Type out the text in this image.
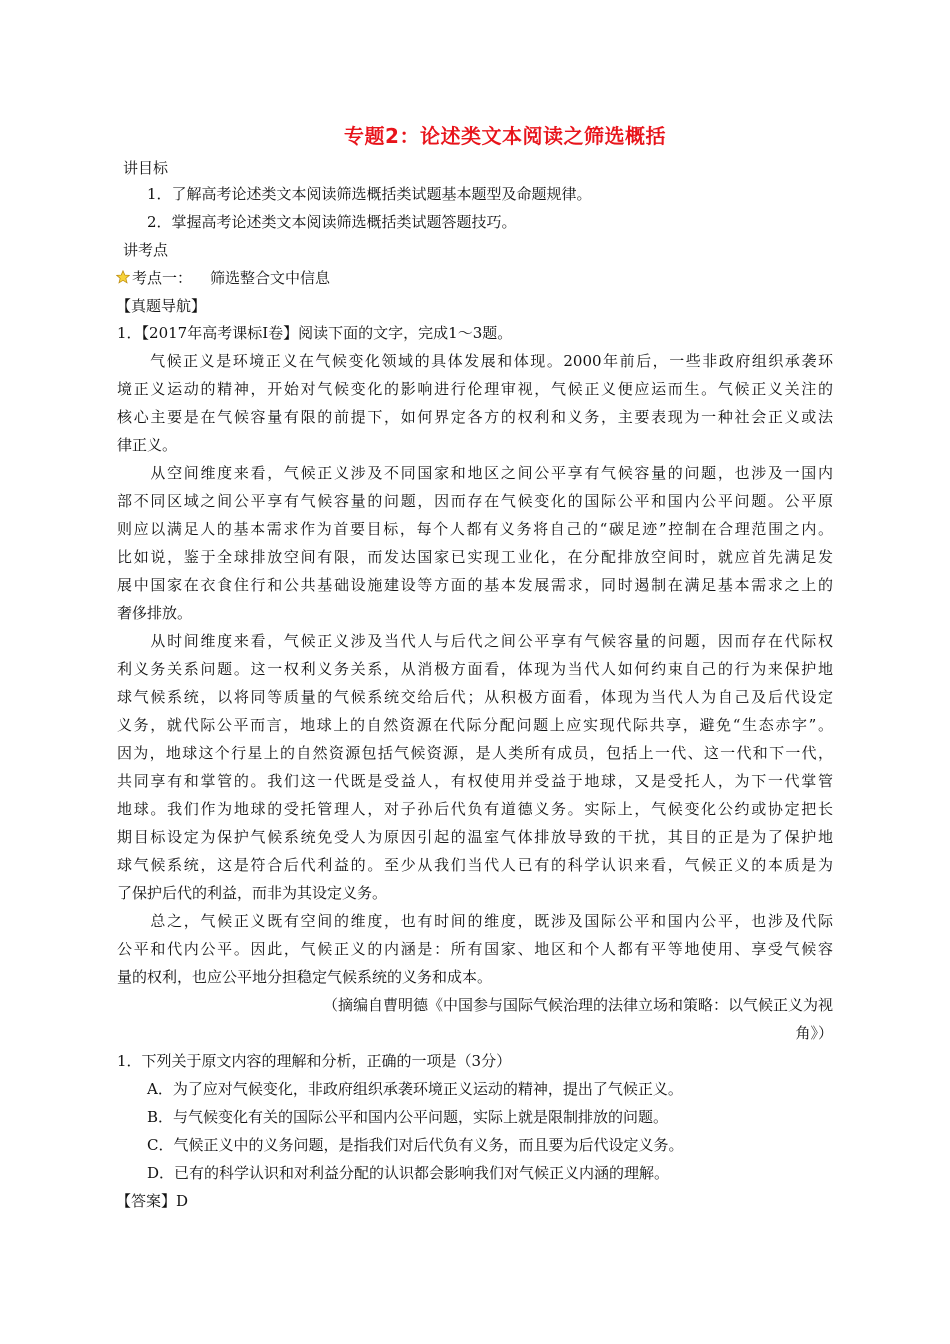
专题2：论述类文本阅读之筛选概括
讲目标
1．了解高考论述类文本阅读筛选概括类试题基本题型及命题规律。
2．掌握高考论述类文本阅读筛选概括类试题答题技巧。
讲考点
考点一： 筛选整合文中信息
【真题导航】
1．【2017年高考课标Ⅰ卷】阅读下面的文字，完成1～3题。
　　气候正义是环境正义在气候变化领域的具体发展和体现。2000年前后，一些非政府组织承袭环
境正义运动的精神，开始对气候变化的影响进行伦理审视，气候正义便应运而生。气候正义关注的
核心主要是在气候容量有限的前提下，如何界定各方的权利和义务，主要表现为一种社会正义或法
律正义。
　　从空间维度来看，气候正义涉及不同国家和地区之间公平享有气候容量的问题，也涉及一国内
部不同区域之间公平享有气候容量的问题，因而存在气候变化的国际公平和国内公平问题。公平原
则应以满足人的基本需求作为首要目标，每个人都有义务将自己的“碳足迹”控制在合理范围之内。
比如说，鉴于全球排放空间有限，而发达国家已实现工业化，在分配排放空间时，就应首先满足发
展中国家在衣食住行和公共基础设施建设等方面的基本发展需求，同时遏制在满足基本需求之上的
奢侈排放。
　　从时间维度来看，气候正义涉及当代人与后代之间公平享有气候容量的问题，因而存在代际权
利义务关系问题。这一权利义务关系，从消极方面看，体现为当代人如何约束自己的行为来保护地
球气候系统，以将同等质量的气候系统交给后代；从积极方面看，体现为当代人为自己及后代设定
义务，就代际公平而言，地球上的自然资源在代际分配问题上应实现代际共享，避免“生态赤字”。
因为，地球这个行星上的自然资源包括气候资源，是人类所有成员，包括上一代、这一代和下一代，
共同享有和掌管的。我们这一代既是受益人，有权使用并受益于地球，又是受托人，为下一代掌管
地球。我们作为地球的受托管理人，对子孙后代负有道德义务。实际上，气候变化公约或协定把长
期目标设定为保护气候系统免受人为原因引起的温室气体排放导致的干扰，其目的正是为了保护地
球气候系统，这是符合后代利益的。至少从我们当代人已有的科学认识来看，气候正义的本质是为
了保护后代的利益，而非为其设定义务。
　　总之，气候正义既有空间的维度，也有时间的维度，既涉及国际公平和国内公平，也涉及代际
公平和代内公平。因此，气候正义的内涵是：所有国家、地区和个人都有平等地使用、享受气候容
量的权利，也应公平地分担稳定气候系统的义务和成本。
（摘编自曹明德《中国参与国际气候治理的法律立场和策略：以气候正义为视
角》）
1．下列关于原文内容的理解和分析，正确的一项是（3分）
A．为了应对气候变化，非政府组织承袭环境正义运动的精神，提出了气候正义。
B．与气候变化有关的国际公平和国内公平问题，实际上就是限制排放的问题。
C．气候正义中的义务问题，是指我们对后代负有义务，而且要为后代设定义务。
D．已有的科学认识和对利益分配的认识都会影响我们对气候正义内涵的理解。
【答案】D
